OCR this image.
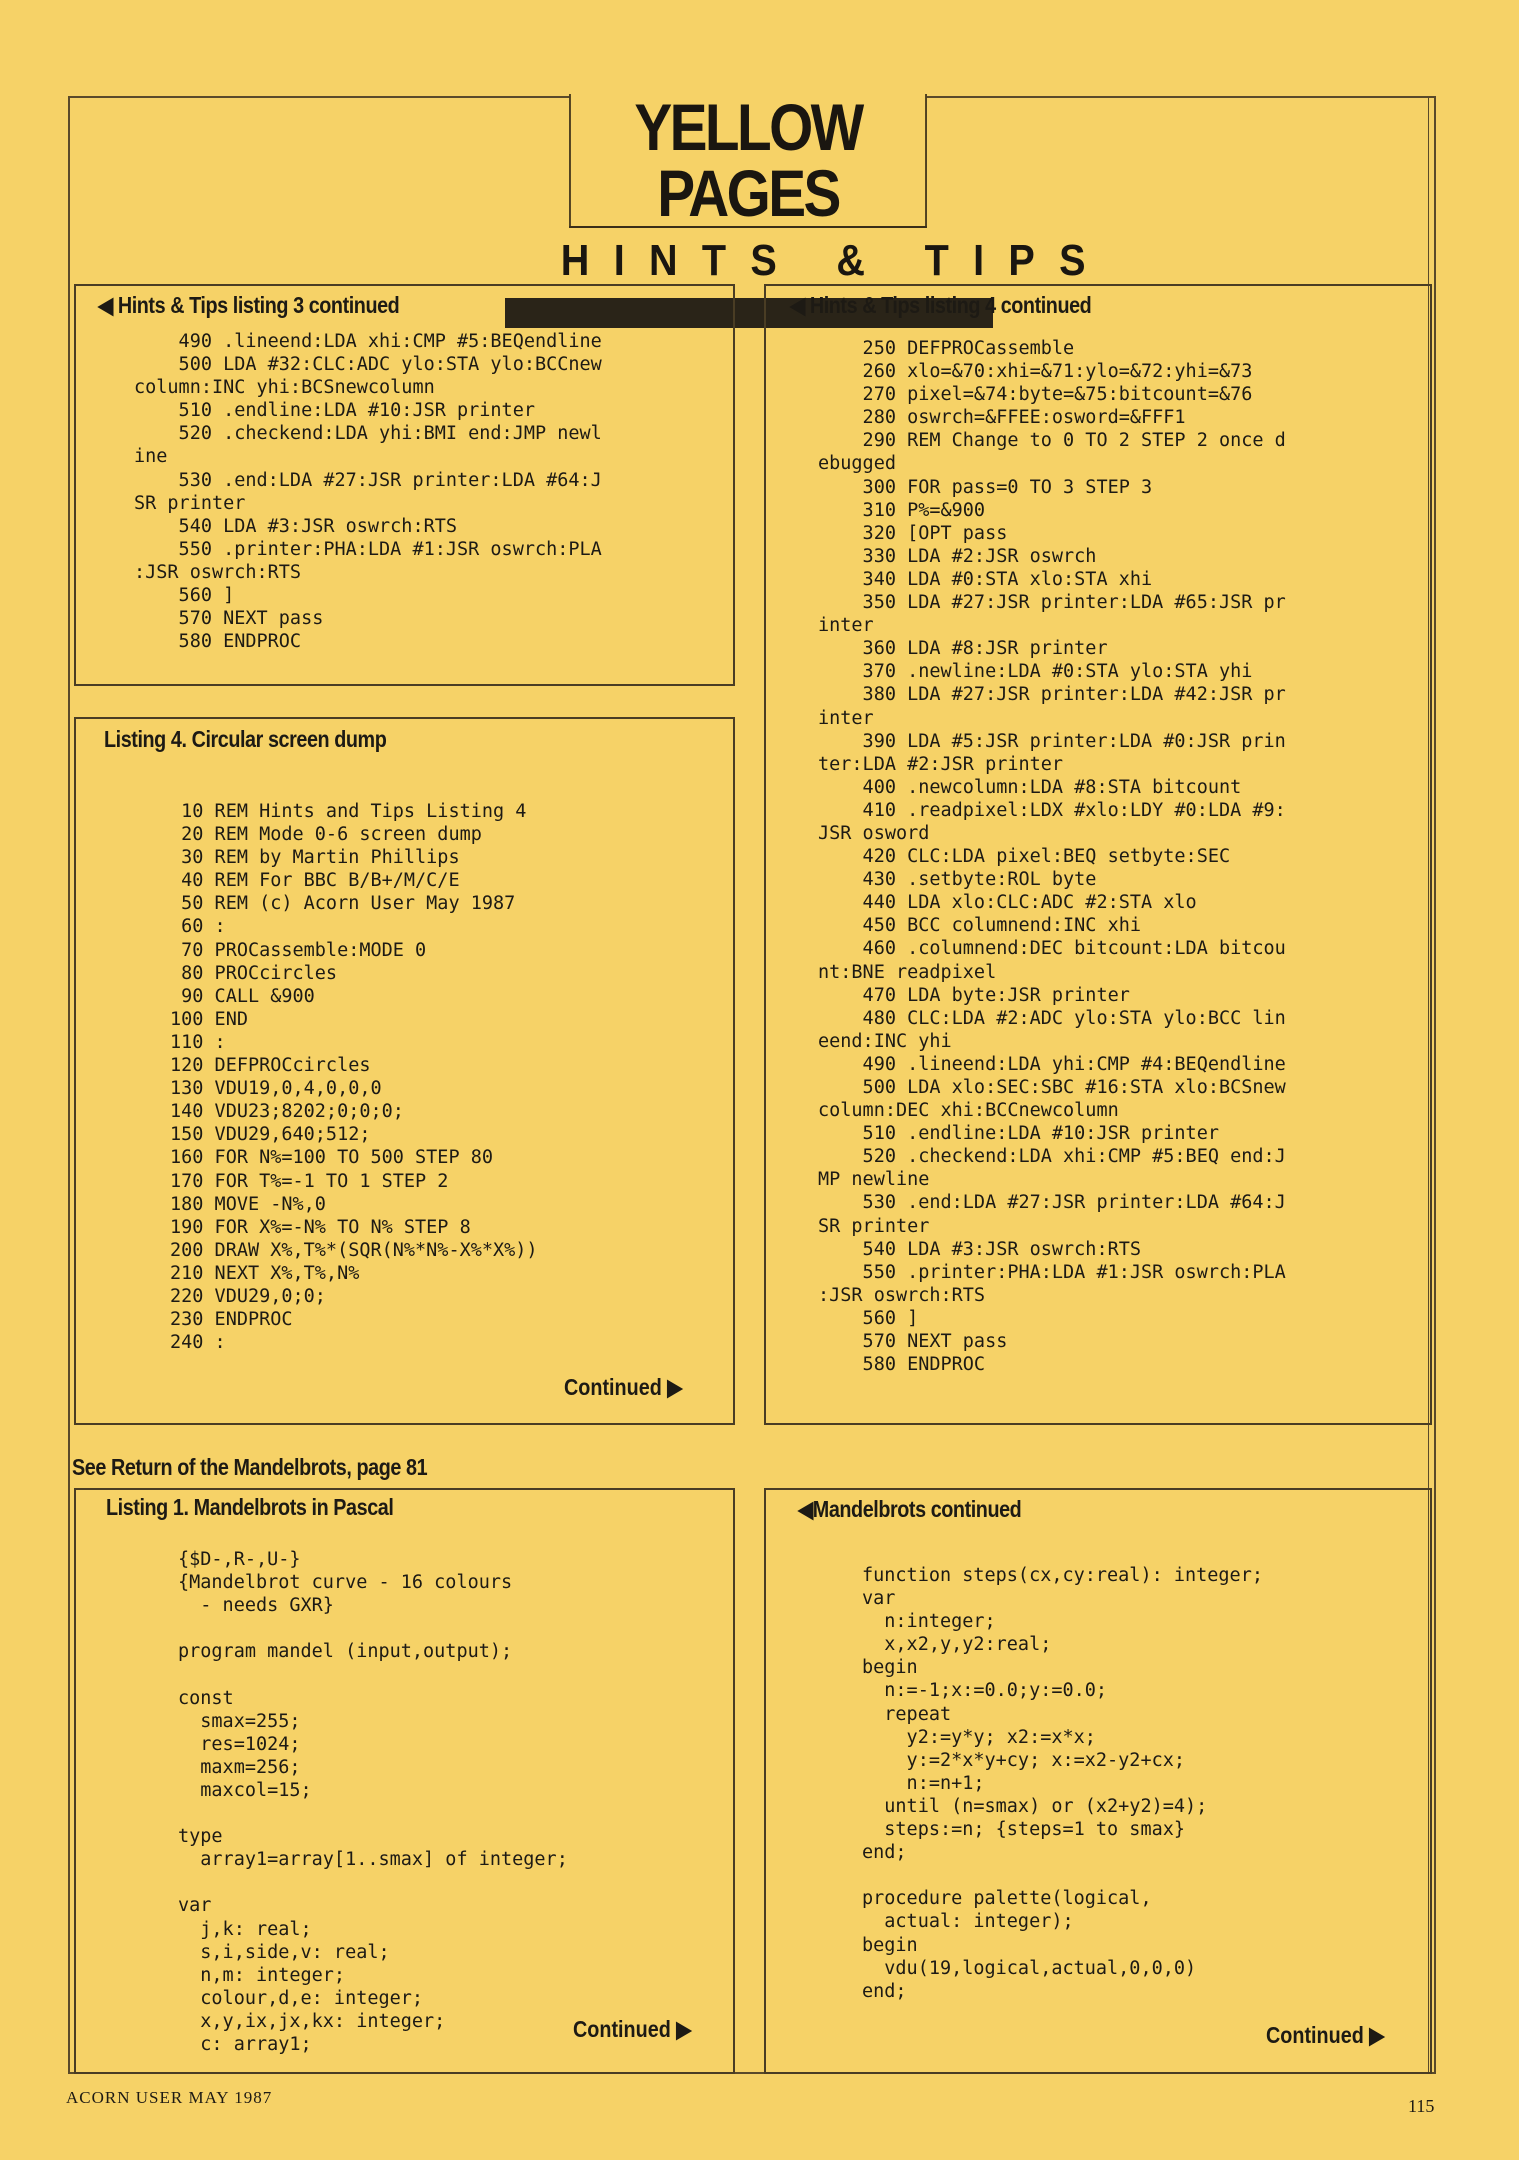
YELLOW PAGES
HINTS & TIPS
◀ Hints & Tips listing 3 continued
490 .lineend:LDA xhi:CMP #5:BEQendline
500 LDA #32:CLC:ADC ylo:STA ylo:BCCnew
column:INC yhi:BCSnewcolumn
510 .endline:LDA #10:JSR printer
520 .checkend:LDA yhi:BMI end:JMP newl
ine
530 .end:LDA #27:JSR printer:LDA #64:J
SR printer
540 LDA #3:JSR oswrch:RTS
550 .printer:PHA:LDA #1:JSR oswrch:PLA
:JSR oswrch:RTS
560 ]
570 NEXT pass
580 ENDPROC
Listing 4. Circular screen dump
10 REM Hints and Tips Listing 4
20 REM Mode 0-6 screen dump
30 REM by Martin Phillips
40 REM For BBC B/B+/M/C/E
50 REM (c) Acorn User May 1987
60 :
70 PROCassemble:MODE 0
80 PROCcircles
90 CALL &900
100 END
110 :
120 DEFPROCcircles
130 VDU19,0,4,0,0,0
140 VDU23;8202;0;0;0;
150 VDU29,640;512;
160 FOR N%=100 TO 500 STEP 80
170 FOR T%=-1 TO 1 STEP 2
180 MOVE -N%,0
190 FOR X%=-N% TO N% STEP 8
200 DRAW X%,T%*(SQR(N%*N%-X%*X%))
210 NEXT X%,T%,N%
220 VDU29,0;0;
230 ENDPROC
240 :
Continued ▶
◀ Hints & Tips listing 4 continued
250 DEFPROCassemble
260 xlo=&70:xhi=&71:ylo=&72:yhi=&73
270 pixel=&74:byte=&75:bitcount=&76
280 oswrch=&FFEE:osword=&FFF1
290 REM Change to 0 TO 2 STEP 2 once d
ebugged
300 FOR pass=0 TO 3 STEP 3
310 P%=&900
320 [OPT pass
330 LDA #2:JSR oswrch
340 LDA #0:STA xlo:STA xhi
350 LDA #27:JSR printer:LDA #65:JSR pr
inter
360 LDA #8:JSR printer
370 .newline:LDA #0:STA ylo:STA yhi
380 LDA #27:JSR printer:LDA #42:JSR pr
inter
390 LDA #5:JSR printer:LDA #0:JSR prin
ter:LDA #2:JSR printer
400 .newcolumn:LDA #8:STA bitcount
410 .readpixel:LDX #xlo:LDY #0:LDA #9:
JSR osword
420 CLC:LDA pixel:BEQ setbyte:SEC
430 .setbyte:ROL byte
440 LDA xlo:CLC:ADC #2:STA xlo
450 BCC columnend:INC xhi
460 .columnend:DEC bitcount:LDA bitcou
nt:BNE readpixel
470 LDA byte:JSR printer
480 CLC:LDA #2:ADC ylo:STA ylo:BCC lin
eend:INC yhi
490 .lineend:LDA yhi:CMP #4:BEQendline
500 LDA xlo:SEC:SBC #16:STA xlo:BCSnew
column:DEC xhi:BCCnewcolumn
510 .endline:LDA #10:JSR printer
520 .checkend:LDA xhi:CMP #5:BEQ end:J
MP newline
530 .end:LDA #27:JSR printer:LDA #64:J
SR printer
540 LDA #3:JSR oswrch:RTS
550 .printer:PHA:LDA #1:JSR oswrch:PLA
:JSR oswrch:RTS
560 ]
570 NEXT pass
580 ENDPROC
See Return of the Mandelbrots, page 81
Listing 1. Mandelbrots in Pascal
{$D-,R-,U-}
{Mandelbrot curve - 16 colours
- needs GXR}

program mandel (input,output);

const
smax=255;
res=1024;
maxm=256;
maxcol=15;

type
array1=array[1..smax] of integer;

var
j,k: real;
s,i,side,v: real;
n,m: integer;
colour,d,e: integer;
x,y,ix,jx,kx: integer;
c: array1;
Continued ▶
◀Mandelbrots continued
function steps(cx,cy:real): integer;
var
n:integer;
x,x2,y,y2:real;
begin
n:=-1;x:=0.0;y:=0.0;
repeat
y2:=y*y; x2:=x*x;
y:=2*x*y+cy; x:=x2-y2+cx;
n:=n+1;
until (n=smax) or (x2+y2)=4);
steps:=n; {steps=1 to smax}
end;

procedure palette(logical,
actual: integer);
begin
vdu(19,logical,actual,0,0,0)
end;
Continued ▶
ACORN USER MAY 1987	115
